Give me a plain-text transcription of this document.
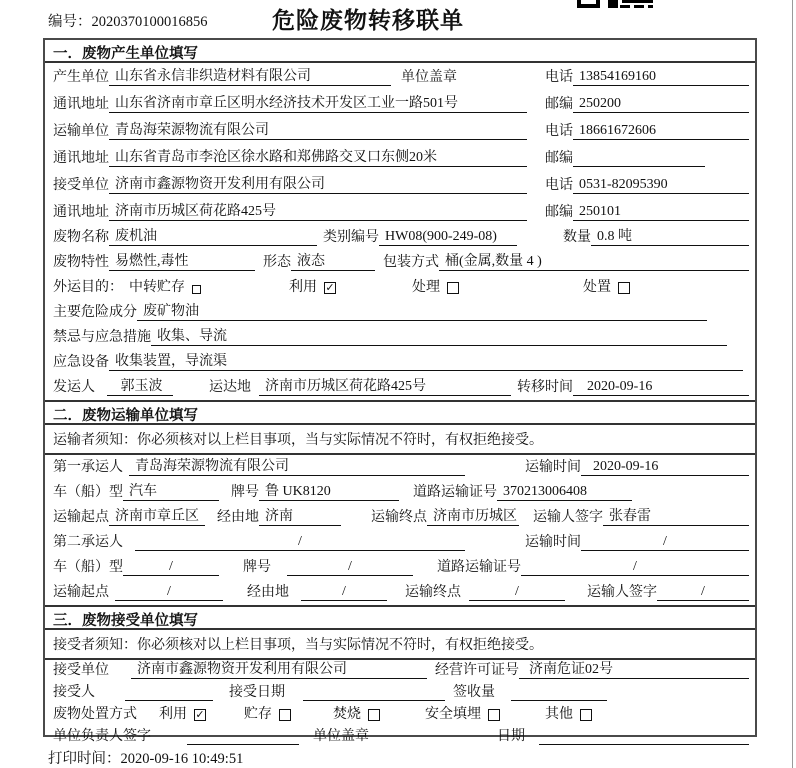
编号：2020370100016856	危险废物转移联单
一．废物产生单位填写
产生单位 山东省永信非织造材料有限公司	单位盖章	电话 13854169160
通讯地址 山东省济南市章丘区明水经济技术开发区工业一路501号	邮编 250200
运输单位 青岛海荣源物流有限公司	电话 18661672606
通讯地址 山东省青岛市李沧区徐水路和郑佛路交叉口东侧20米	邮编
接受单位 济南市鑫源物资开发利用有限公司	电话 0531-82095390
通讯地址 济南市历城区荷花路425号	邮编 250101
废物名称 废机油	类别编号 HW08(900-249-08)	数量 0.8 吨
废物特性 易燃性,毒性	形态 液态	包装方式 桶(金属,数量 4 )
外运目的： 中转贮存	利用 ✓	处理	处置
主要危险成分 废矿物油
禁忌与应急措施 收集、导流
应急设备 收集装置，导流渠
发运人	郭玉波	运达地	济南市历城区荷花路425号	转移时间	2020-09-16
二．废物运输单位填写
运输者须知：你必须核对以上栏目事项，当与实际情况不符时，有权拒绝接受。
第一承运人 青岛海荣源物流有限公司	运输时间 2020-09-16
车（船）型 汽车	牌号 鲁 UK8120	道路运输证号 370213006408
运输起点 济南市章丘区	经由地 济南	运输终点 济南市历城区 运输人签字 张春雷
第二承运人	/	运输时间	/
车（船）型	/	牌号	/	道路运输证号	/
运输起点	/	经由地	/	运输终点	/	运输人签字	/
三．废物接受单位填写
接受者须知：你必须核对以上栏目事项，当与实际情况不符时，有权拒绝接受。
接受单位	济南市鑫源物资开发利用有限公司	经营许可证号 济南危证02号
接受人	接受日期	签收量
废物处置方式 利用 ✓	贮存	焚烧	安全填埋	其他
单位负责人签字	单位盖章	日期
打印时间：2020-09-16 10:49:51
